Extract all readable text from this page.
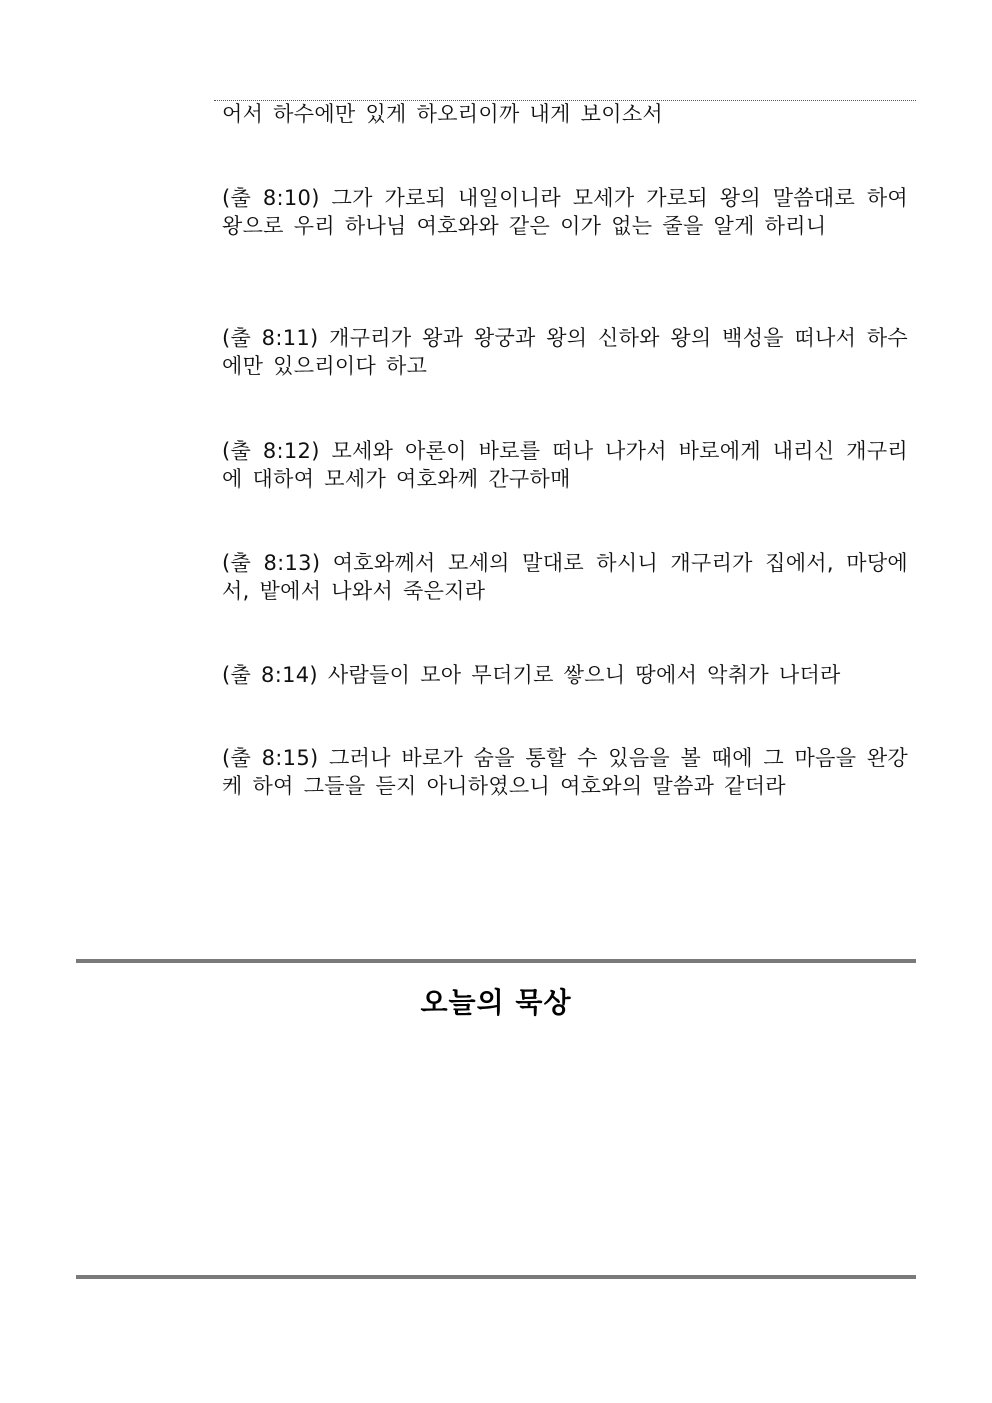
어서 하수에만 있게 하오리이까 내게 보이소서
(출 8:10) 그가 가로되 내일이니라 모세가 가로되 왕의 말씀대로 하여 왕으로 우리 하나님 여호와와 같은 이가 없는 줄을 알게 하리니
(출 8:11) 개구리가 왕과 왕궁과 왕의 신하와 왕의 백성을 떠나서 하수에만 있으리이다 하고
(출 8:12) 모세와 아론이 바로를 떠나 나가서 바로에게 내리신 개구리에 대하여 모세가 여호와께 간구하매
(출 8:13) 여호와께서 모세의 말대로 하시니 개구리가 집에서, 마당에서, 밭에서 나와서 죽은지라
(출 8:14) 사람들이 모아 무더기로 쌓으니 땅에서 악취가 나더라
(출 8:15) 그러나 바로가 숨을 통할 수 있음을 볼 때에 그 마음을 완강케 하여 그들을 듣지 아니하였으니 여호와의 말씀과 같더라
오늘의 묵상
